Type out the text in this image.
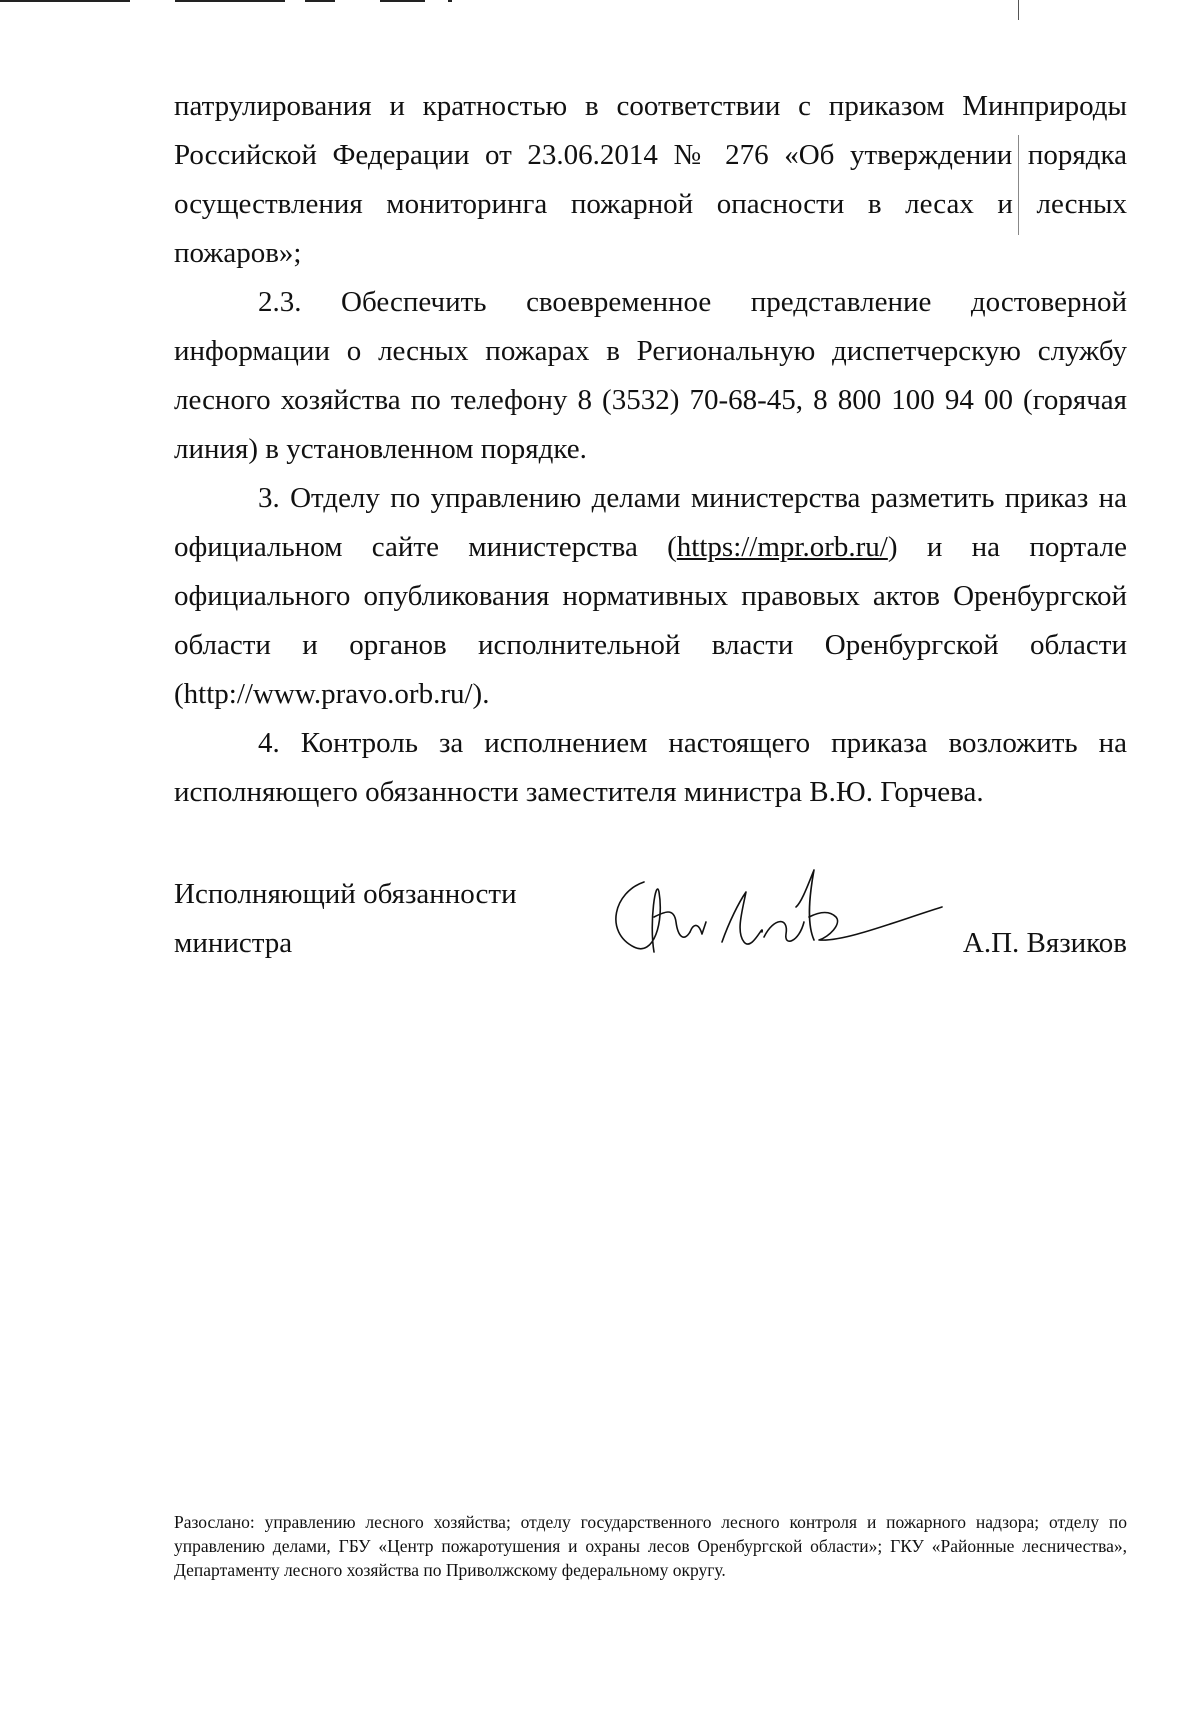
патрулирования и кратностью в соответствии с приказом Минприроды Российской Федерации от 23.06.2014 № 276 «Об утверждении порядка осуществления мониторинга пожарной опасности в лесах и лесных пожаров»;

2.3. Обеспечить своевременное представление достоверной информации о лесных пожарах в Региональную диспетчерскую службу лесного хозяйства по телефону 8 (3532) 70-68-45, 8 800 100 94 00 (горячая линия) в установленном порядке.

3. Отделу по управлению делами министерства разметить приказ на официальном сайте министерства (https://mpr.orb.ru/) и на портале официального опубликования нормативных правовых актов Оренбургской области и органов исполнительной власти Оренбургской области (http://www.pravo.orb.ru/).

4. Контроль за исполнением настоящего приказа возложить на исполняющего обязанности заместителя министра В.Ю. Горчева.

Исполняющий обязанности
министра	А.П. Вязиков
Разослано: управлению лесного хозяйства; отделу государственного лесного контроля и пожарного надзора; отделу по управлению делами, ГБУ «Центр пожаротушения и охраны лесов Оренбургской области»; ГКУ «Районные лесничества», Департаменту лесного хозяйства по Приволжскому федеральному округу.
